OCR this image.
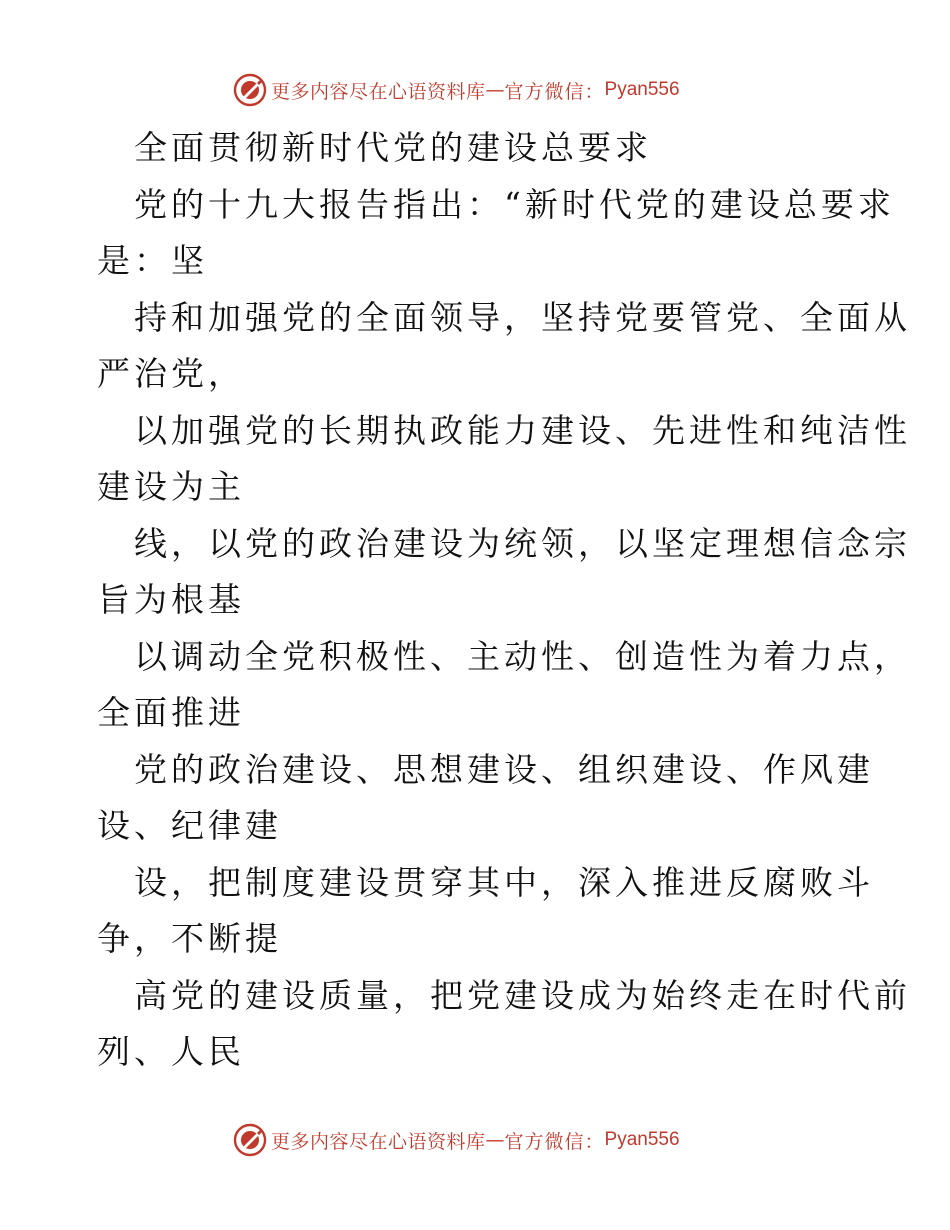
更多内容尽在心语资料库 — 官方微信： Pyan556
全面贯彻新时代党的建设总要求
党的十九大报告指出：“新时代党的建设总要求
是：坚
持和加强党的全面领导，坚持党要管党、全面从
严治党，
以加强党的长期执政能力建设、先进性和纯洁性
建设为主
线，以党的政治建设为统领，以坚定理想信念宗
旨为根基
以调动全党积极性、主动性、创造性为着力点，
全面推进
党的政治建设、思想建设、组织建设、作风建
设、纪律建
设，把制度建设贯穿其中，深入推进反腐败斗
争，不断提
高党的建设质量，把党建设成为始终走在时代前
列、人民
更多内容尽在心语资料库 — 官方微信： Pyan556
